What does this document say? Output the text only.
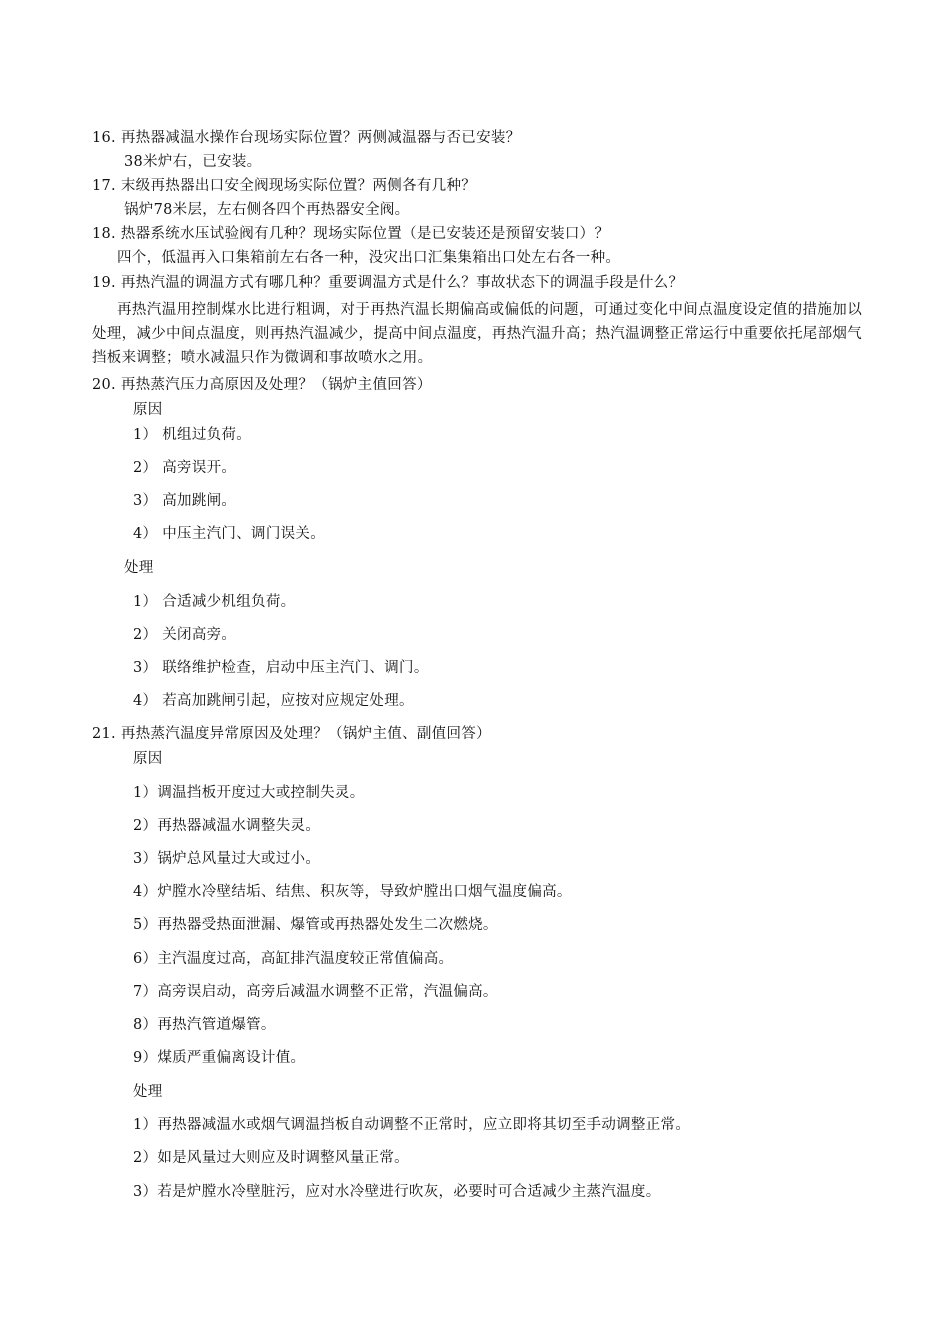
16. 再热器减温水操作台现场实际位置？两侧减温器与否已安装？
38米炉右，已安装。
17. 末级再热器出口安全阀现场实际位置？两侧各有几种？
锅炉78米层，左右侧各四个再热器安全阀。
18. 热器系统水压试验阀有几种？现场实际位置（是已安装还是预留安装口）？
四个，低温再入口集箱前左右各一种，没灾出口汇集集箱出口处左右各一种。
19. 再热汽温的调温方式有哪几种？重要调温方式是什么？事故状态下的调温手段是什么？
再热汽温用控制煤水比进行粗调，对于再热汽温长期偏高或偏低的问题，可通过变化中间点温度设定值的措施加以处理，减少中间点温度，则再热汽温减少，提高中间点温度，再热汽温升高；热汽温调整正常运行中重要依托尾部烟气挡板来调整；喷水减温只作为微调和事故喷水之用。
20. 再热蒸汽压力高原因及处理？（锅炉主值回答）
原因
1） 机组过负荷。
2） 高旁误开。
3） 高加跳闸。
4） 中压主汽门、调门误关。
处理
1） 合适减少机组负荷。
2） 关闭高旁。
3） 联络维护检查，启动中压主汽门、调门。
4） 若高加跳闸引起，应按对应规定处理。
21. 再热蒸汽温度异常原因及处理？（锅炉主值、副值回答）
原因
1）调温挡板开度过大或控制失灵。
2）再热器减温水调整失灵。
3）锅炉总风量过大或过小。
4）炉膛水冷壁结垢、结焦、积灰等，导致炉膛出口烟气温度偏高。
5）再热器受热面泄漏、爆管或再热器处发生二次燃烧。
6）主汽温度过高，高缸排汽温度较正常值偏高。
7）高旁误启动，高旁后减温水调整不正常，汽温偏高。
8）再热汽管道爆管。
9）煤质严重偏离设计值。
处理
1）再热器减温水或烟气调温挡板自动调整不正常时，应立即将其切至手动调整正常。
2）如是风量过大则应及时调整风量正常。
3）若是炉膛水冷壁脏污，应对水冷壁进行吹灰，必要时可合适减少主蒸汽温度。
